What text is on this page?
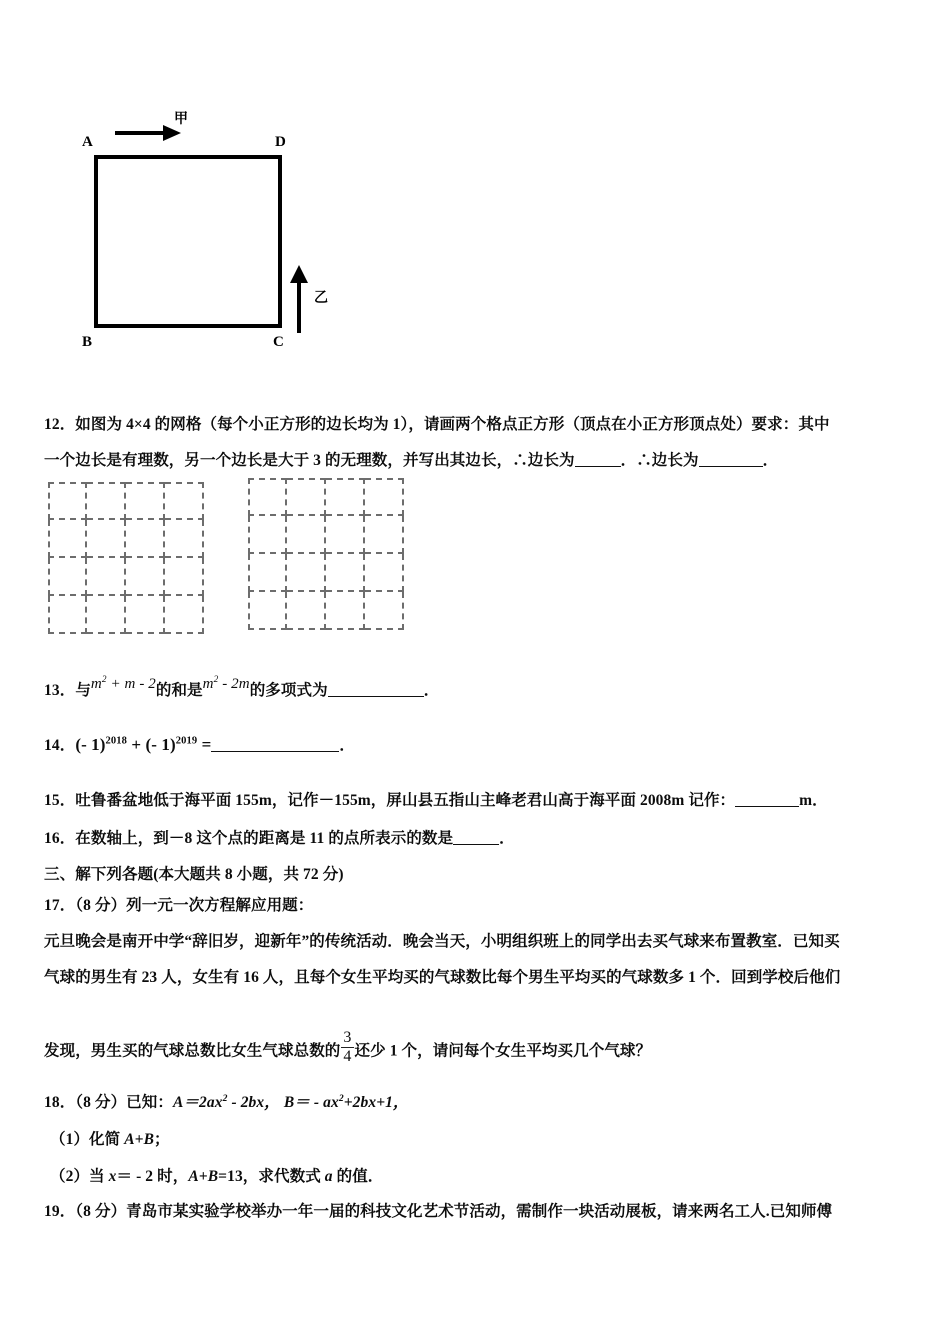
A	D
B	C
甲
乙
12．如图为 4×4 的网格（每个小正方形的边长均为 1），请画两个格点正方形（顶点在小正方形顶点处）要求：其中
一个边长是有理数，另一个边长是大于 3 的无理数，并写出其边长，∴边长为	．∴边长为	．
13．与$m^2 + m - 2$的和是$m^2 - 2m$的多项式为	．
14．(- 1)$^{2018}$ + (- 1)$^{2019}$ =	．
15．吐鲁番盆地低于海平面 155m，记作－155m，屏山县五指山主峰老君山高于海平面 2008m 记作：	m．
16．在数轴上，到－8 这个点的距离是 11 的点所表示的数是	．
三、解下列各题(本大题共 8 小题，共 72 分)
17．（8 分）列一元一次方程解应用题：
元旦晚会是南开中学“辞旧岁，迎新年”的传统活动．晚会当天，小明组织班上的同学出去买气球来布置教室．已知买
气球的男生有 23 人，女生有 16 人，且每个女生平均买的气球数比每个男生平均买的气球数多 1 个．回到学校后他们
发现，男生买的气球总数比女生气球总数的 $\frac{3}{4}$ 还少 1 个，请问每个女生平均买几个气球？
18．（8 分）已知：$A=2ax^2 - 2bx$， $B= - ax^2+2bx+1$，
（1）化简 A+B；
（2）当 x＝ - 2 时，A+B=13，求代数式 a 的值．
19．（8 分）青岛市某实验学校举办一年一届的科技文化艺术节活动，需制作一块活动展板，请来两名工人.已知师傅
